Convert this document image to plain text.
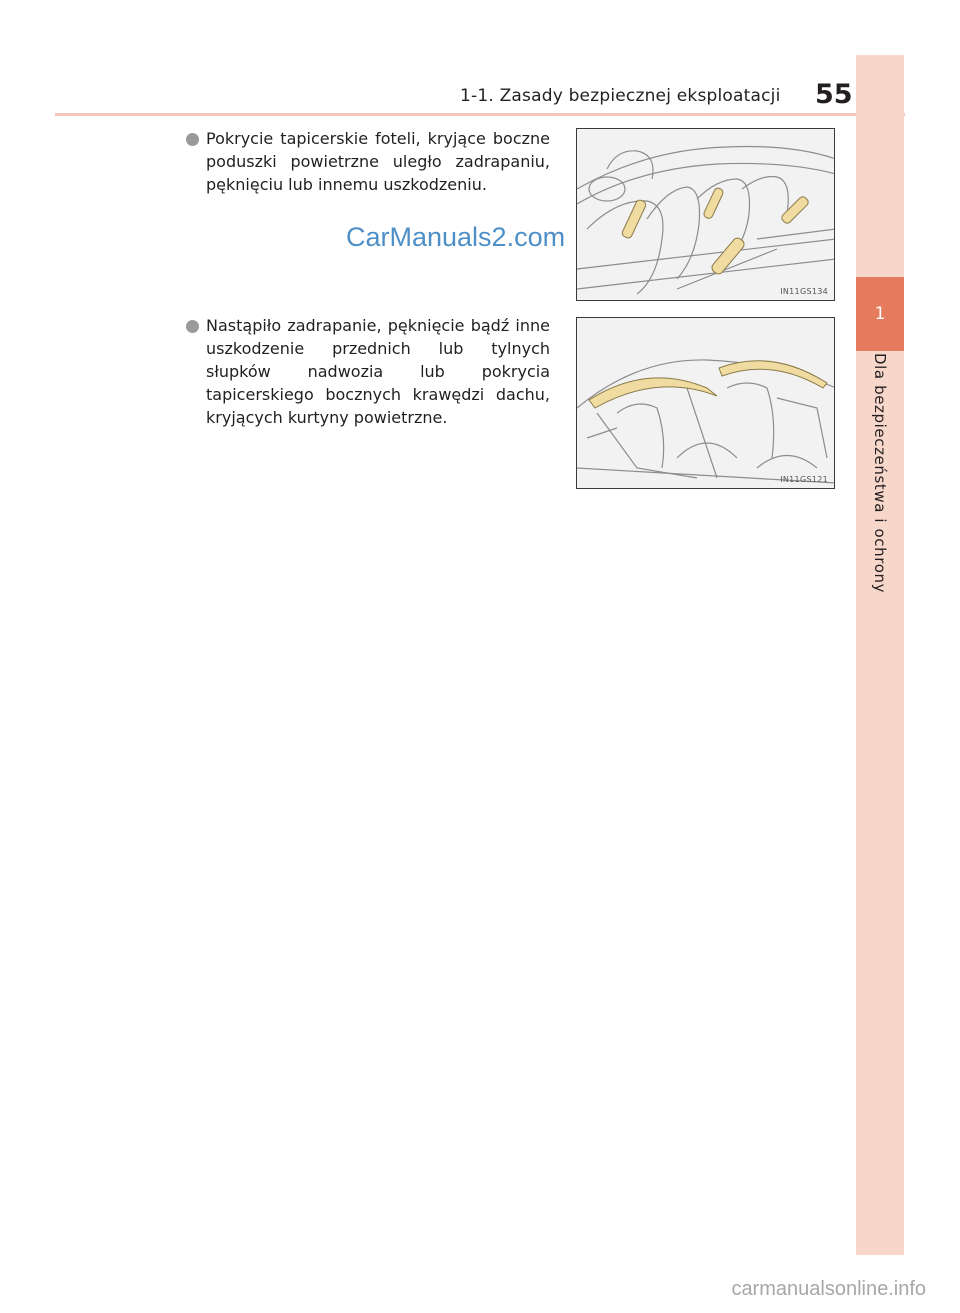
1-1. Zasady bezpiecznej eksploatacji 55
1
Dla bezpieczeństwa i ochrony
Pokrycie tapicerskie foteli, kryjące boczne poduszki powietrzne uległo zadrapaniu, pęknięciu lub innemu uszkodzeniu.
Nastąpiło zadrapanie, pęknięcie bądź inne uszkodzenie przednich lub tylnych słupków nadwozia lub pokrycia tapicerskiego bocznych krawędzi dachu, kryjących kurtyny powietrzne.
IN11GS134
IN11GS121
CarManuals2.com
carmanualsonline.info
